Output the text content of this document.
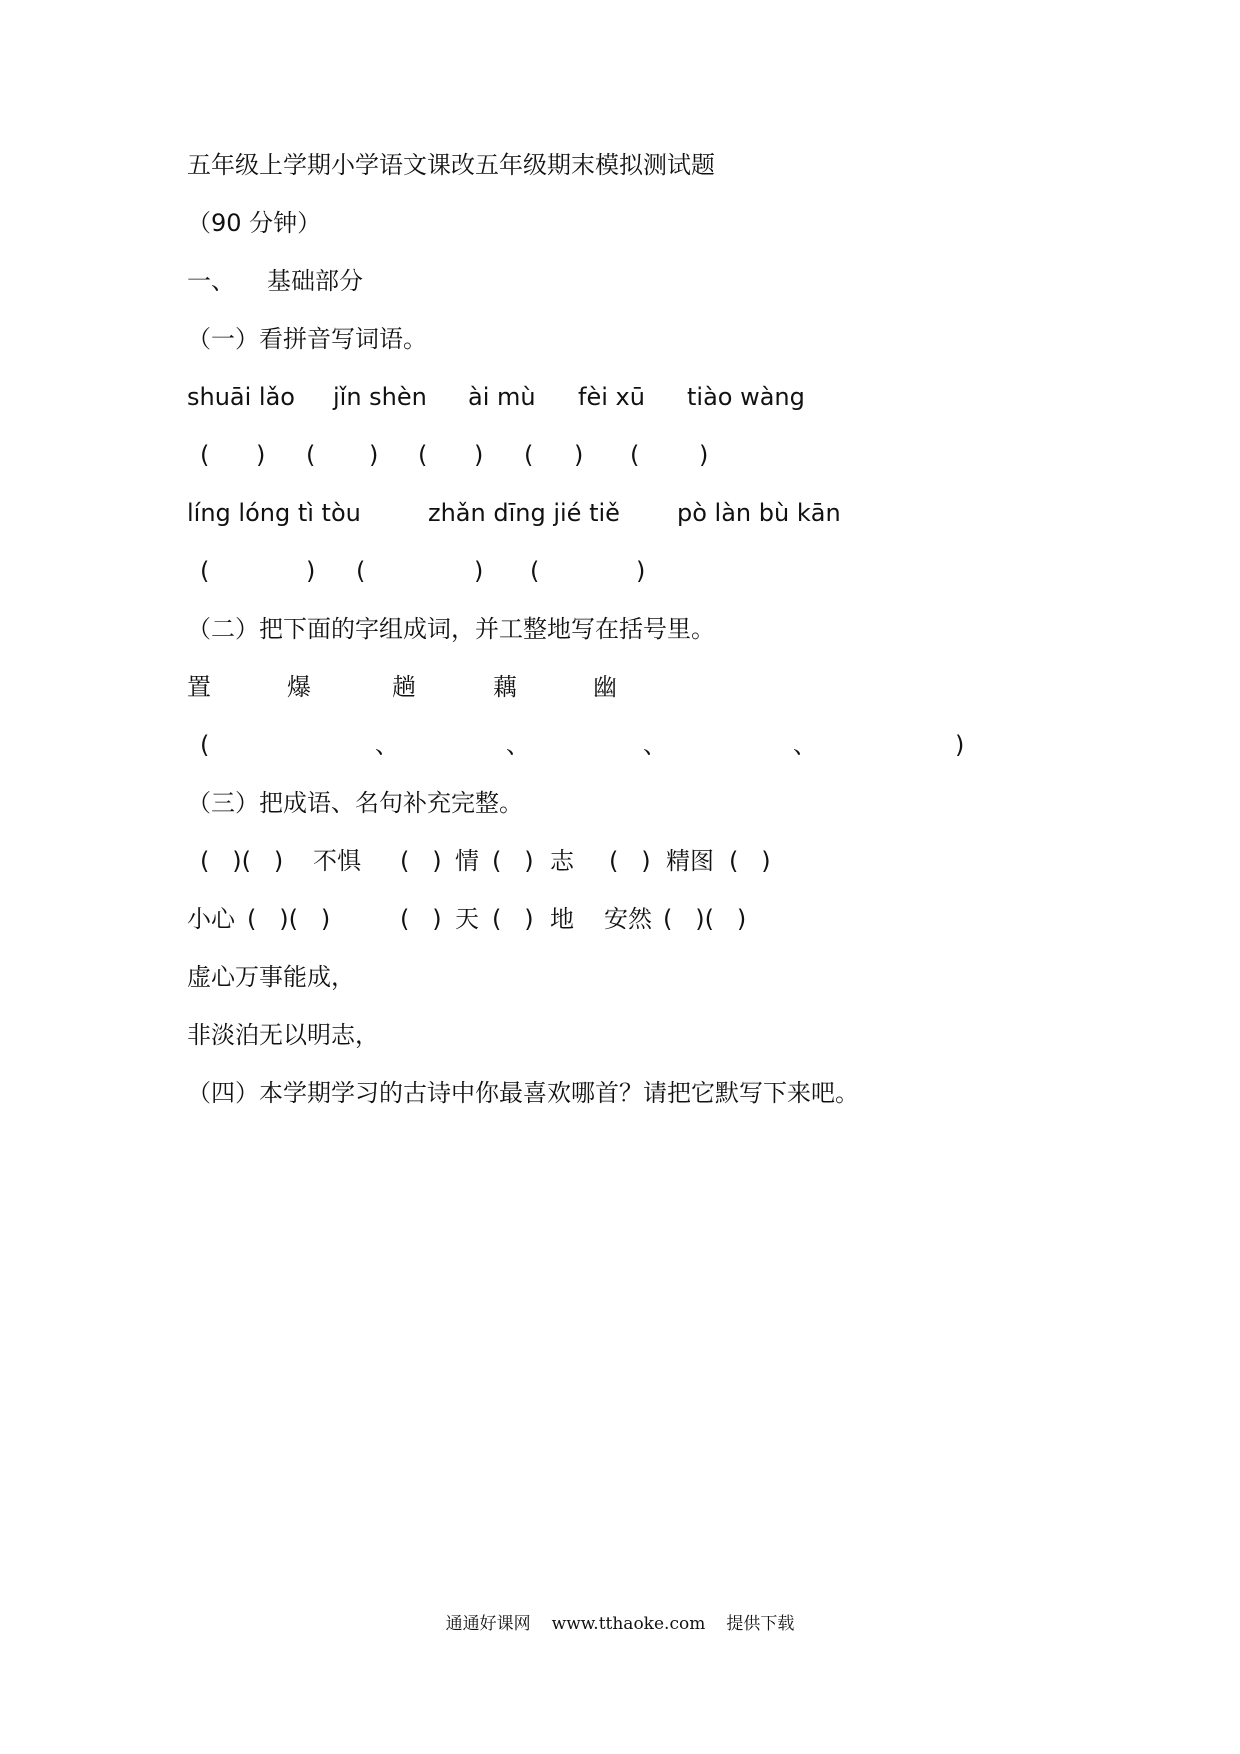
五年级上学期小学语文课改五年级期末模拟测试题
（90 分钟）
一、 基础部分
（一）看拼音写词语。
shuāi lǎo jǐn shèn ài mù fèi xū tiào wàng
( ) ( ) ( ) ( ) ( )
líng lóng tì tòu	zhǎn dīng jié tiě pò làn bù kān
(	) (	) (	)
（二）把下面的字组成词，并工整地写在括号里。
置	爆	趟	藕	幽
(	、	、	、	、	)
（三）把成语、名句补充完整。
(   )(   ) 不惧 (   ) 情 (   ) 志 (   ) 精图 (   )
小心 (   )(   )	(   ) 天 (   ) 地 安然 (   )(   )
虚心万事能成，
非淡泊无以明志，
（四）本学期学习的古诗中你最喜欢哪首？请把它默写下来吧。
通通好课网 www.tthaoke.com 提供下载
